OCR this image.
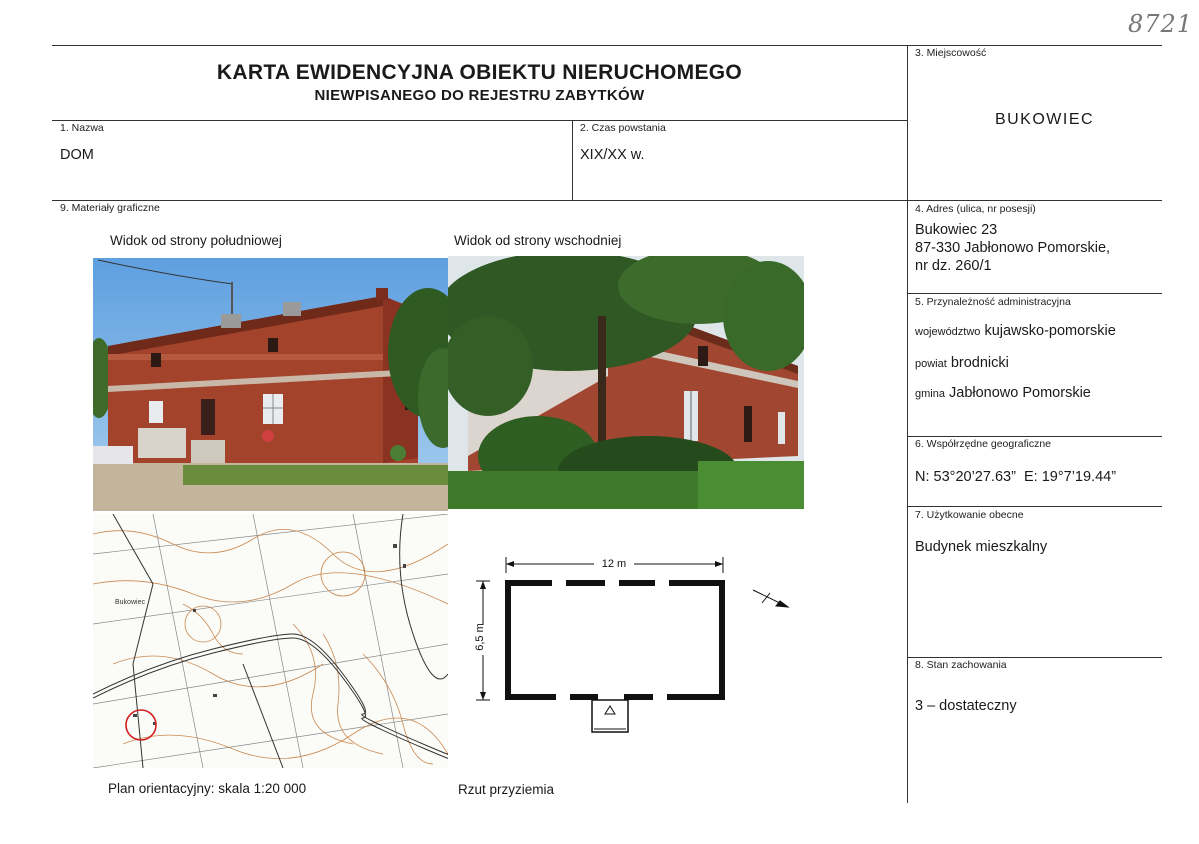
8721
KARTA EWIDENCYJNA OBIEKTU NIERUCHOMEGO
NIEWPISANEGO DO REJESTRU ZABYTKÓW
3. Miejscowość
BUKOWIEC
1. Nazwa
DOM
2. Czas powstania
XIX/XX w.
9. Materiały graficzne	4. Adres (ulica, nr posesji)
Bukowiec 23
87-330 Jabłonowo Pomorskie,
nr dz. 260/1
5. Przynależność administracyjna
województwo kujawsko-pomorskie
powiat brodnicki
gmina Jabłonowo Pomorskie
6. Współrzędne geograficzne
N: 53°20’27.63”  E: 19°7’19.44”
7. Użytkowanie obecne
Budynek mieszkalny
8. Stan zachowania
3 – dostateczny
Widok od strony południowej	Widok od strony wschodniej
Bukowiec
12 m
6,5 m
Plan orientacyjny: skala 1:20 000	Rzut przyziemia
